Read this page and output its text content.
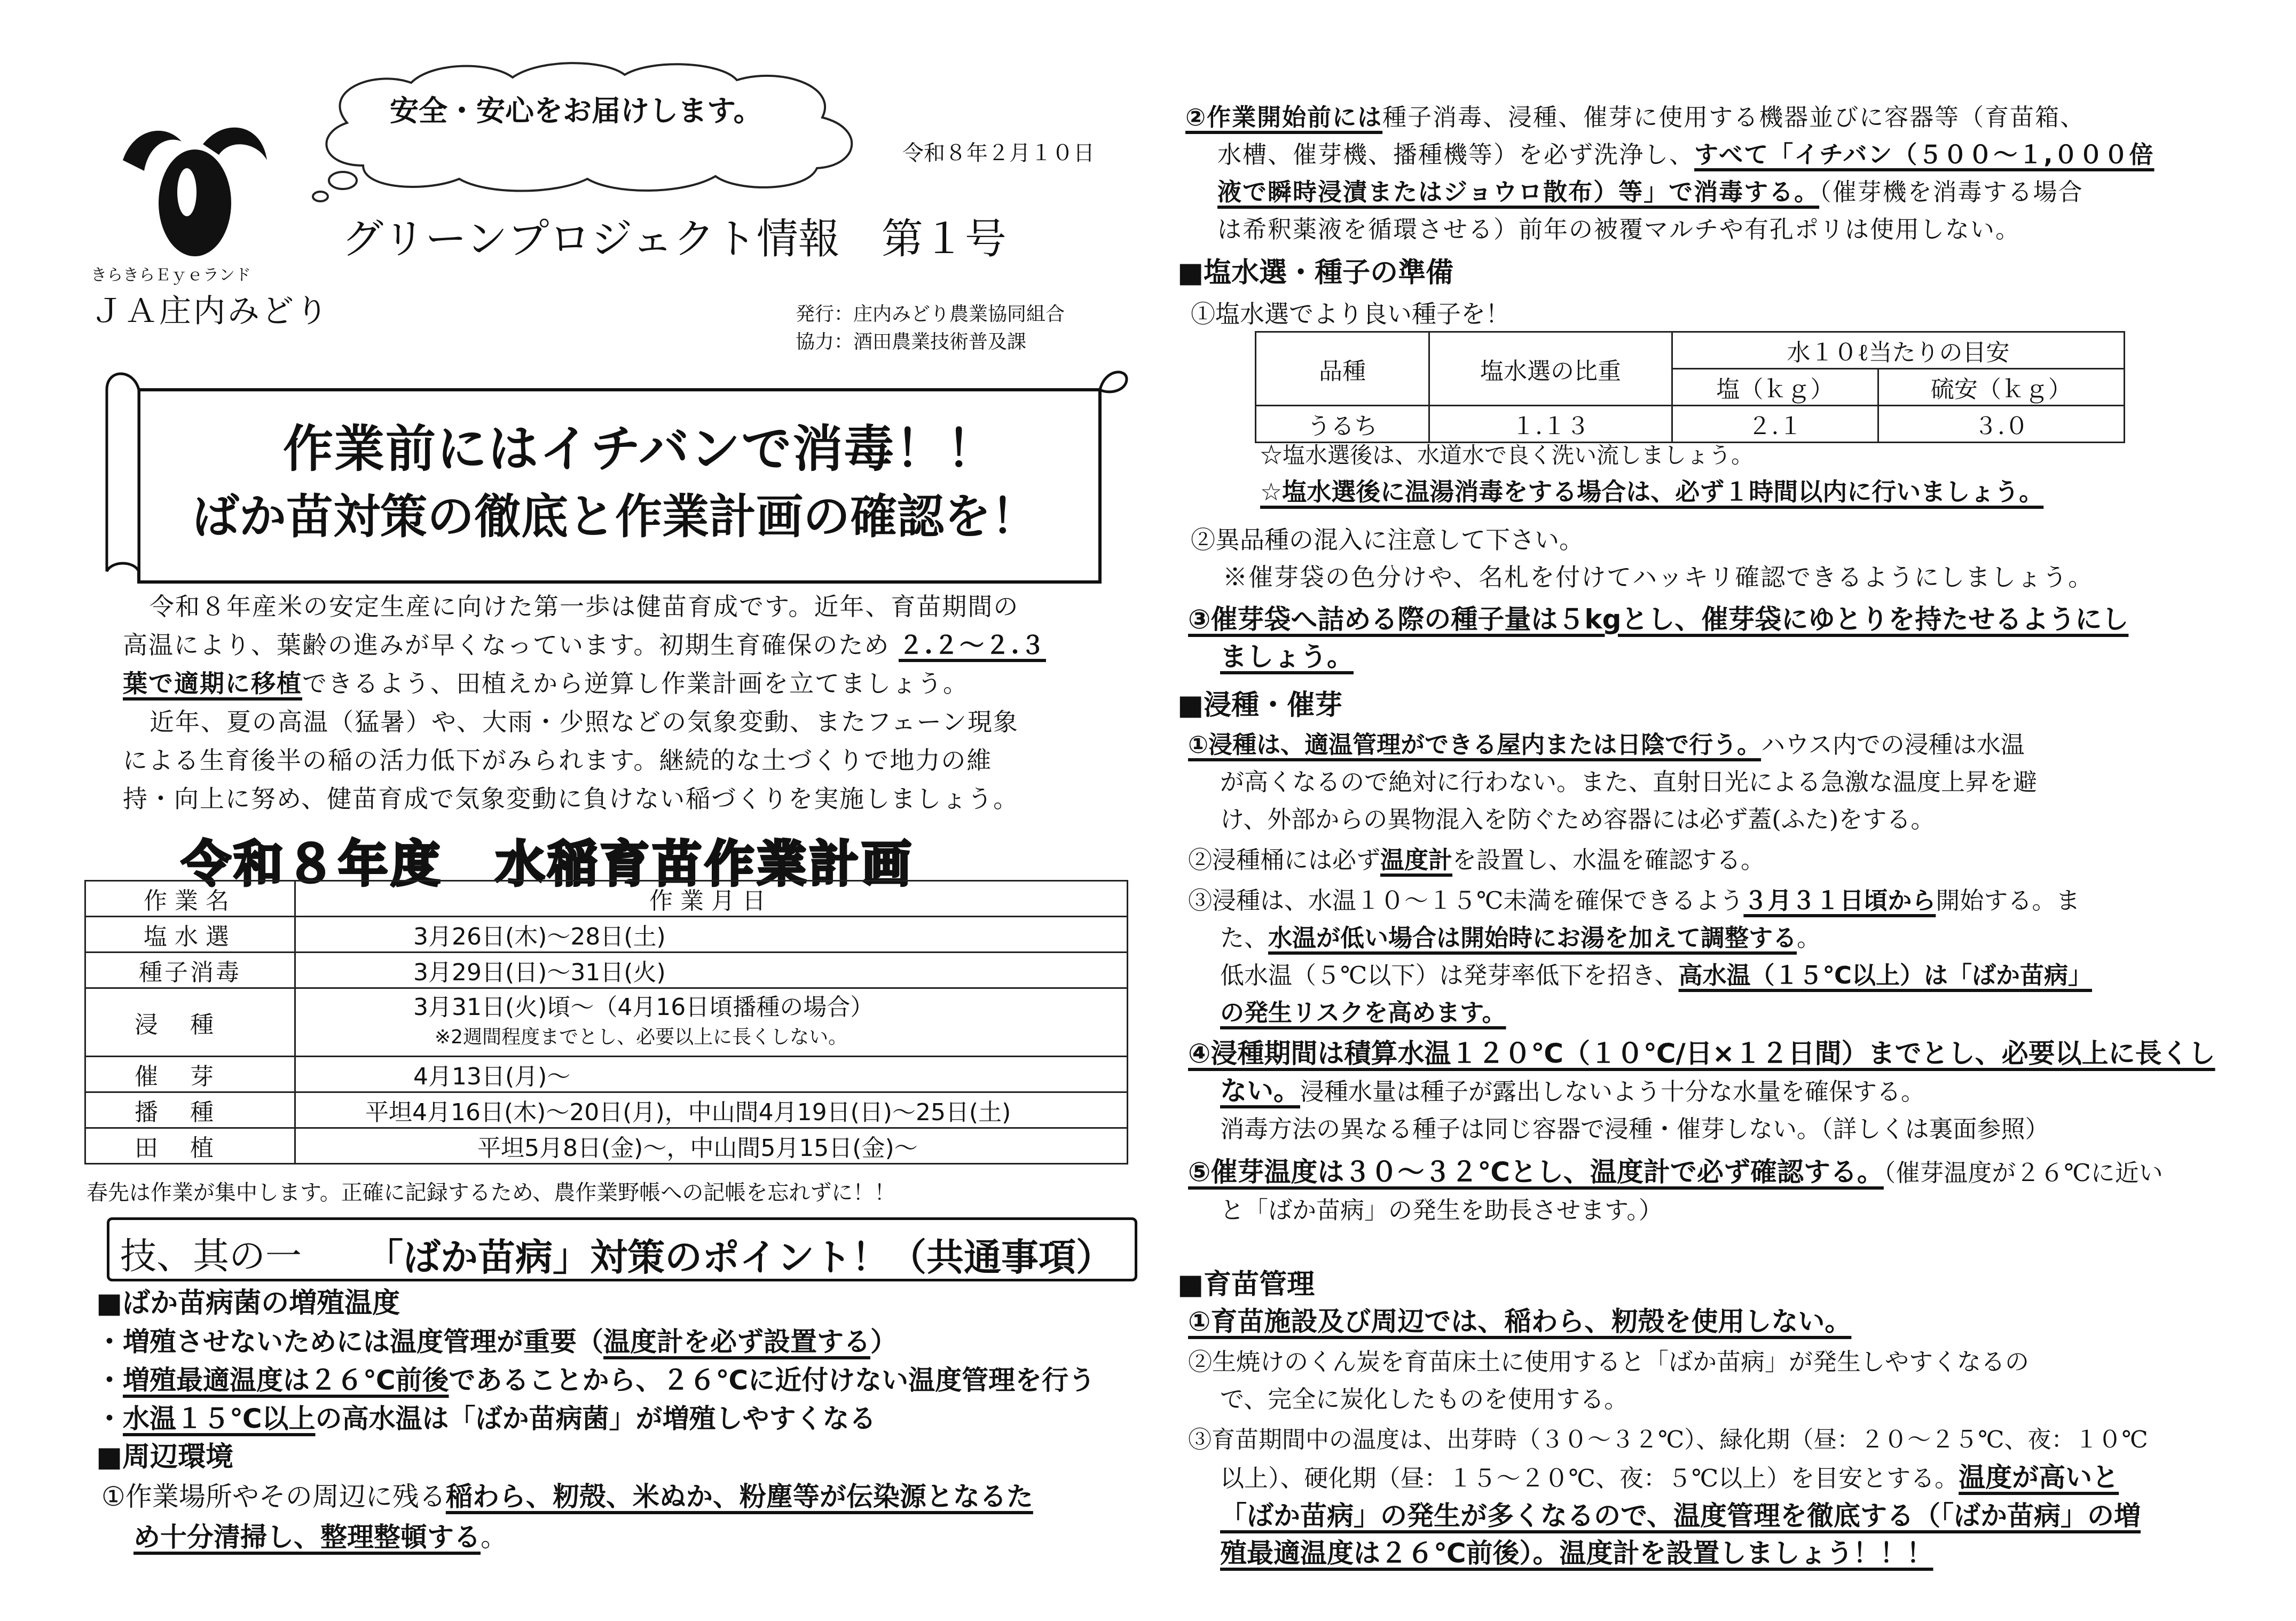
安全・安心をお届けします。
きらきらＥｙｅランド
ＪＡ庄内みどり
令和８年２月１０日
グリーンプロジェクト情報　第１号
発行：庄内みどり農業協同組合
協力：酒田農業技術普及課
作業前にはイチバンで消毒！！
ばか苗対策の徹底と作業計画の確認を！
令和８年産米の安定生産に向けた第一歩は健苗育成です。近年、育苗期間の
高温により、葉齢の進みが早くなっています。初期生育確保のため ２.２〜２.３
葉で適期に移植できるよう、田植えから逆算し作業計画を立てましょう。
近年、夏の高温（猛暑）や、大雨・少照などの気象変動、またフェーン現象
による生育後半の稲の活力低下がみられます。継続的な土づくりで地力の維
持・向上に努め、健苗育成で気象変動に負けない稲づくりを実施しましょう。
令和８年度　水稲育苗作業計画
作業名	作業月日
塩水選	3月26日(木)〜28日(土)
種子消毒	3月29日(日)〜31日(火)
浸種	3月31日(火)頃〜（4月16日頃播種の場合）
※2週間程度までとし、必要以上に長くしない。

催芽	4月13日(月)〜
播種	平坦4月16日(木)〜20日(月)，中山間4月19日(日)〜25日(土)
田植	平坦5月8日(金)〜，中山間5月15日(金)〜
春先は作業が集中します。正確に記録するため、農作業野帳への記帳を忘れずに！！
技、其の一 「ばか苗病」対策のポイント！（共通事項）
■ばか苗病菌の増殖温度
・増殖させないためには温度管理が重要（温度計を必ず設置する）
・増殖最適温度は２６℃前後であることから、２６℃に近付けない温度管理を行う
・水温１５℃以上の高水温は「ばか苗病菌」が増殖しやすくなる
■周辺環境
①作業場所やその周辺に残る稲わら、籾殻、米ぬか、粉塵等が伝染源となるた
め十分清掃し、整理整頓する。
②作業開始前には種子消毒、浸種、催芽に使用する機器並びに容器等（育苗箱、
水槽、催芽機、播種機等）を必ず洗浄し、すべて「イチバン（５００〜１,０００倍
液で瞬時浸漬またはジョウロ散布）等」で消毒する。（催芽機を消毒する場合
は希釈薬液を循環させる）前年の被覆マルチや有孔ポリは使用しない。
■塩水選・種子の準備
①塩水選でより良い種子を！
品種	塩水選の比重	水１０ℓ当たりの目安	
		塩（ｋｇ）	硫安（ｋｇ）
うるち	１.１３	２.１	３.０
☆塩水選後は、水道水で良く洗い流しましょう。
☆塩水選後に温湯消毒をする場合は、必ず１時間以内に行いましょう。
②異品種の混入に注意して下さい。
※催芽袋の色分けや、名札を付けてハッキリ確認できるようにしましょう。
③催芽袋へ詰める際の種子量は５kgとし、催芽袋にゆとりを持たせるようにし
ましょう。
■浸種・催芽
①浸種は、適温管理ができる屋内または日陰で行う。ハウス内での浸種は水温
が高くなるので絶対に行わない。また、直射日光による急激な温度上昇を避
け、外部からの異物混入を防ぐため容器には必ず蓋(ふた)をする。
②浸種桶には必ず温度計を設置し、水温を確認する。
③浸種は、水温１０〜１５℃未満を確保できるよう３月３１日頃から開始する。ま
た、水温が低い場合は開始時にお湯を加えて調整する。
低水温（５℃以下）は発芽率低下を招き、高水温（１５℃以上）は「ばか苗病」
の発生リスクを高めます。
④浸種期間は積算水温１２０℃（１０℃/日×１２日間）までとし、必要以上に長くし
ない。浸種水量は種子が露出しないよう十分な水量を確保する。
消毒方法の異なる種子は同じ容器で浸種・催芽しない。（詳しくは裏面参照）
⑤催芽温度は３０〜３２℃とし、温度計で必ず確認する。（催芽温度が２６℃に近い
と「ばか苗病」の発生を助長させます。）
■育苗管理
①育苗施設及び周辺では、稲わら、籾殻を使用しない。
②生焼けのくん炭を育苗床土に使用すると「ばか苗病」が発生しやすくなるの
で、完全に炭化したものを使用する。
③育苗期間中の温度は、出芽時（３０〜３２℃）、緑化期（昼：２０〜２５℃、夜：１０℃
以上）、硬化期（昼：１５〜２０℃、夜：５℃以上）を目安とする。温度が高いと
「ばか苗病」の発生が多くなるので、温度管理を徹底する（「ばか苗病」の増
殖最適温度は２６℃前後）。温度計を設置しましょう！！！
